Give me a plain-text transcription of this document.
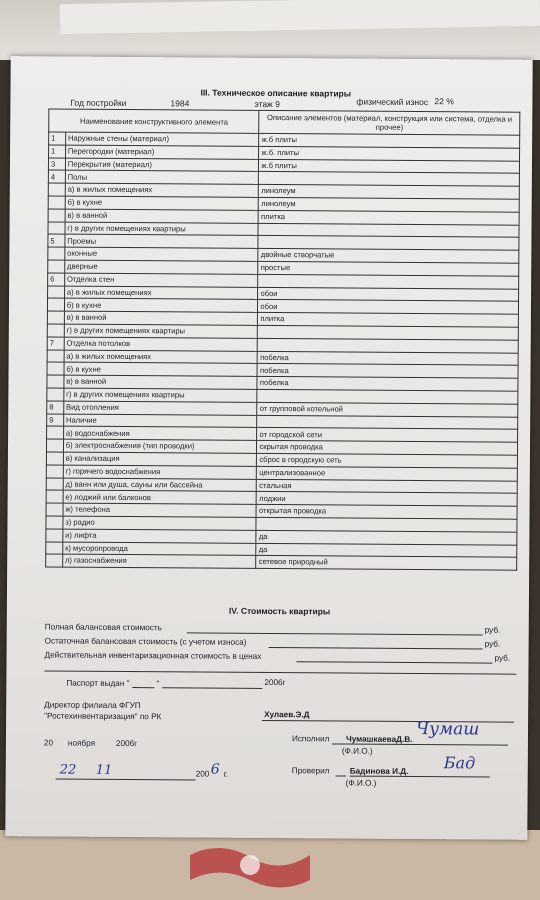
III. Техническое описание квартиры
Год постройки	1984	этаж 9	физический износ 22 %
Наименование конструктивного элемента		Описание элементов (материал, конструкция или система, отделка и прочее)
1	Наружные стены (материал)	ж.б плиты
1	Перегородки (материал)	ж.б. плиты
3	Перекрытия (материал)	ж.б плиты
4	Полы	
	а) в жилых помещениях	линолеум
	б) в кухне	линолеум
	в) в ванной	плитка
	г) в других помещениях квартиры	
5	Проемы	
	оконные	двойные створчатые
	дверные	простые
6	Отделка стен	
	а) в жилых помещениях	обои
	б) в кухне	обои
	в) в ванной	плитка
	г) в других помещениях квартиры	
7	Отделка потолков	
	а) в жилых помещениях	побелка
	б) в кухне	побелка
	в) в ванной	побелка
	г) в других помещениях квартиры	
8	Вид отопления	от групповой котельной
9	Наличие	
	а) водоснабжения	от городской сети
	б) электроснабжения (тип проводки)	скрытая проводка
	в) канализация	сброс в городскую сеть
	г) горячего водоснабжения	централизованное
	д) ванн или душа, сауны или бассейна	стальная
	е) лоджий или балконов	лоджии
	ж) телефона	открытая проводка
	з) радио	
	и) лифта	да
	к) мусоропровода	да
	л) газоснабжения	сетевое природный
IV. Стоимость квартиры
Полная балансовая стоимость	руб.
Остаточная балансовая стоимость (с учетом износа)	руб.
Действительная инвентаризационная стоимость в ценах	руб.
Паспорт выдан "	"	2006г
Директор филиала ФГУП
"Ростехинвентаризация" по РК	Хулаев.Э.Д
20 ноября	2006г
Исполнил ЧумашкаеваД.В. Чумаш
(Ф.И.О.)
22 11	200 6 г.	Проверил Бадинова И.Д. Бад
(Ф.И.О.)
